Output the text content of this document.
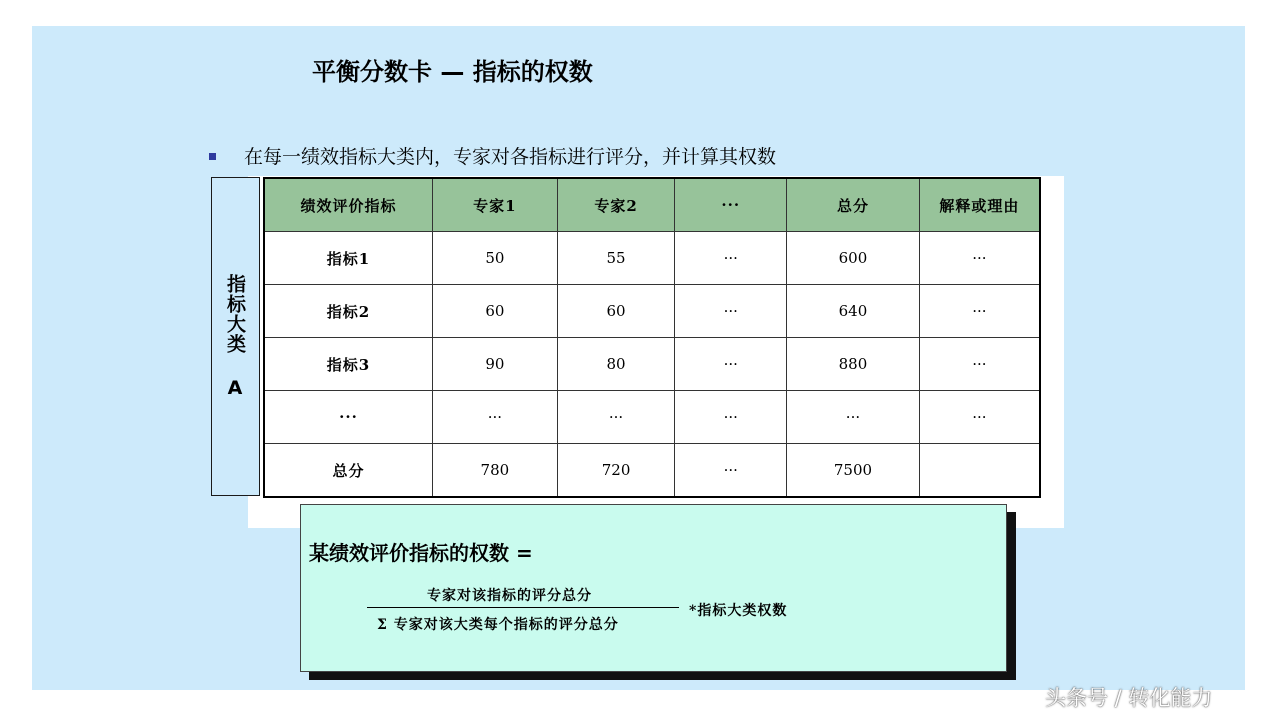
平衡分数卡 — 指标的权数
在每一绩效指标大类内，专家对各指标进行评分，并计算其权数
指标大类 A
绩效评价指标	专家1	专家2	···	总分	解释或理由
指标1	50	55	···	600	···
指标2	60	60	···	640	···
指标3	90	80	···	880	···
···	···	···	···	···	···
总分	780	720	···	7500	
某绩效评价指标的权数 =
专家对该指标的评分总分
Σ 专家对该大类每个指标的评分总分
*指标大类权数
头条号 / 转化能力
